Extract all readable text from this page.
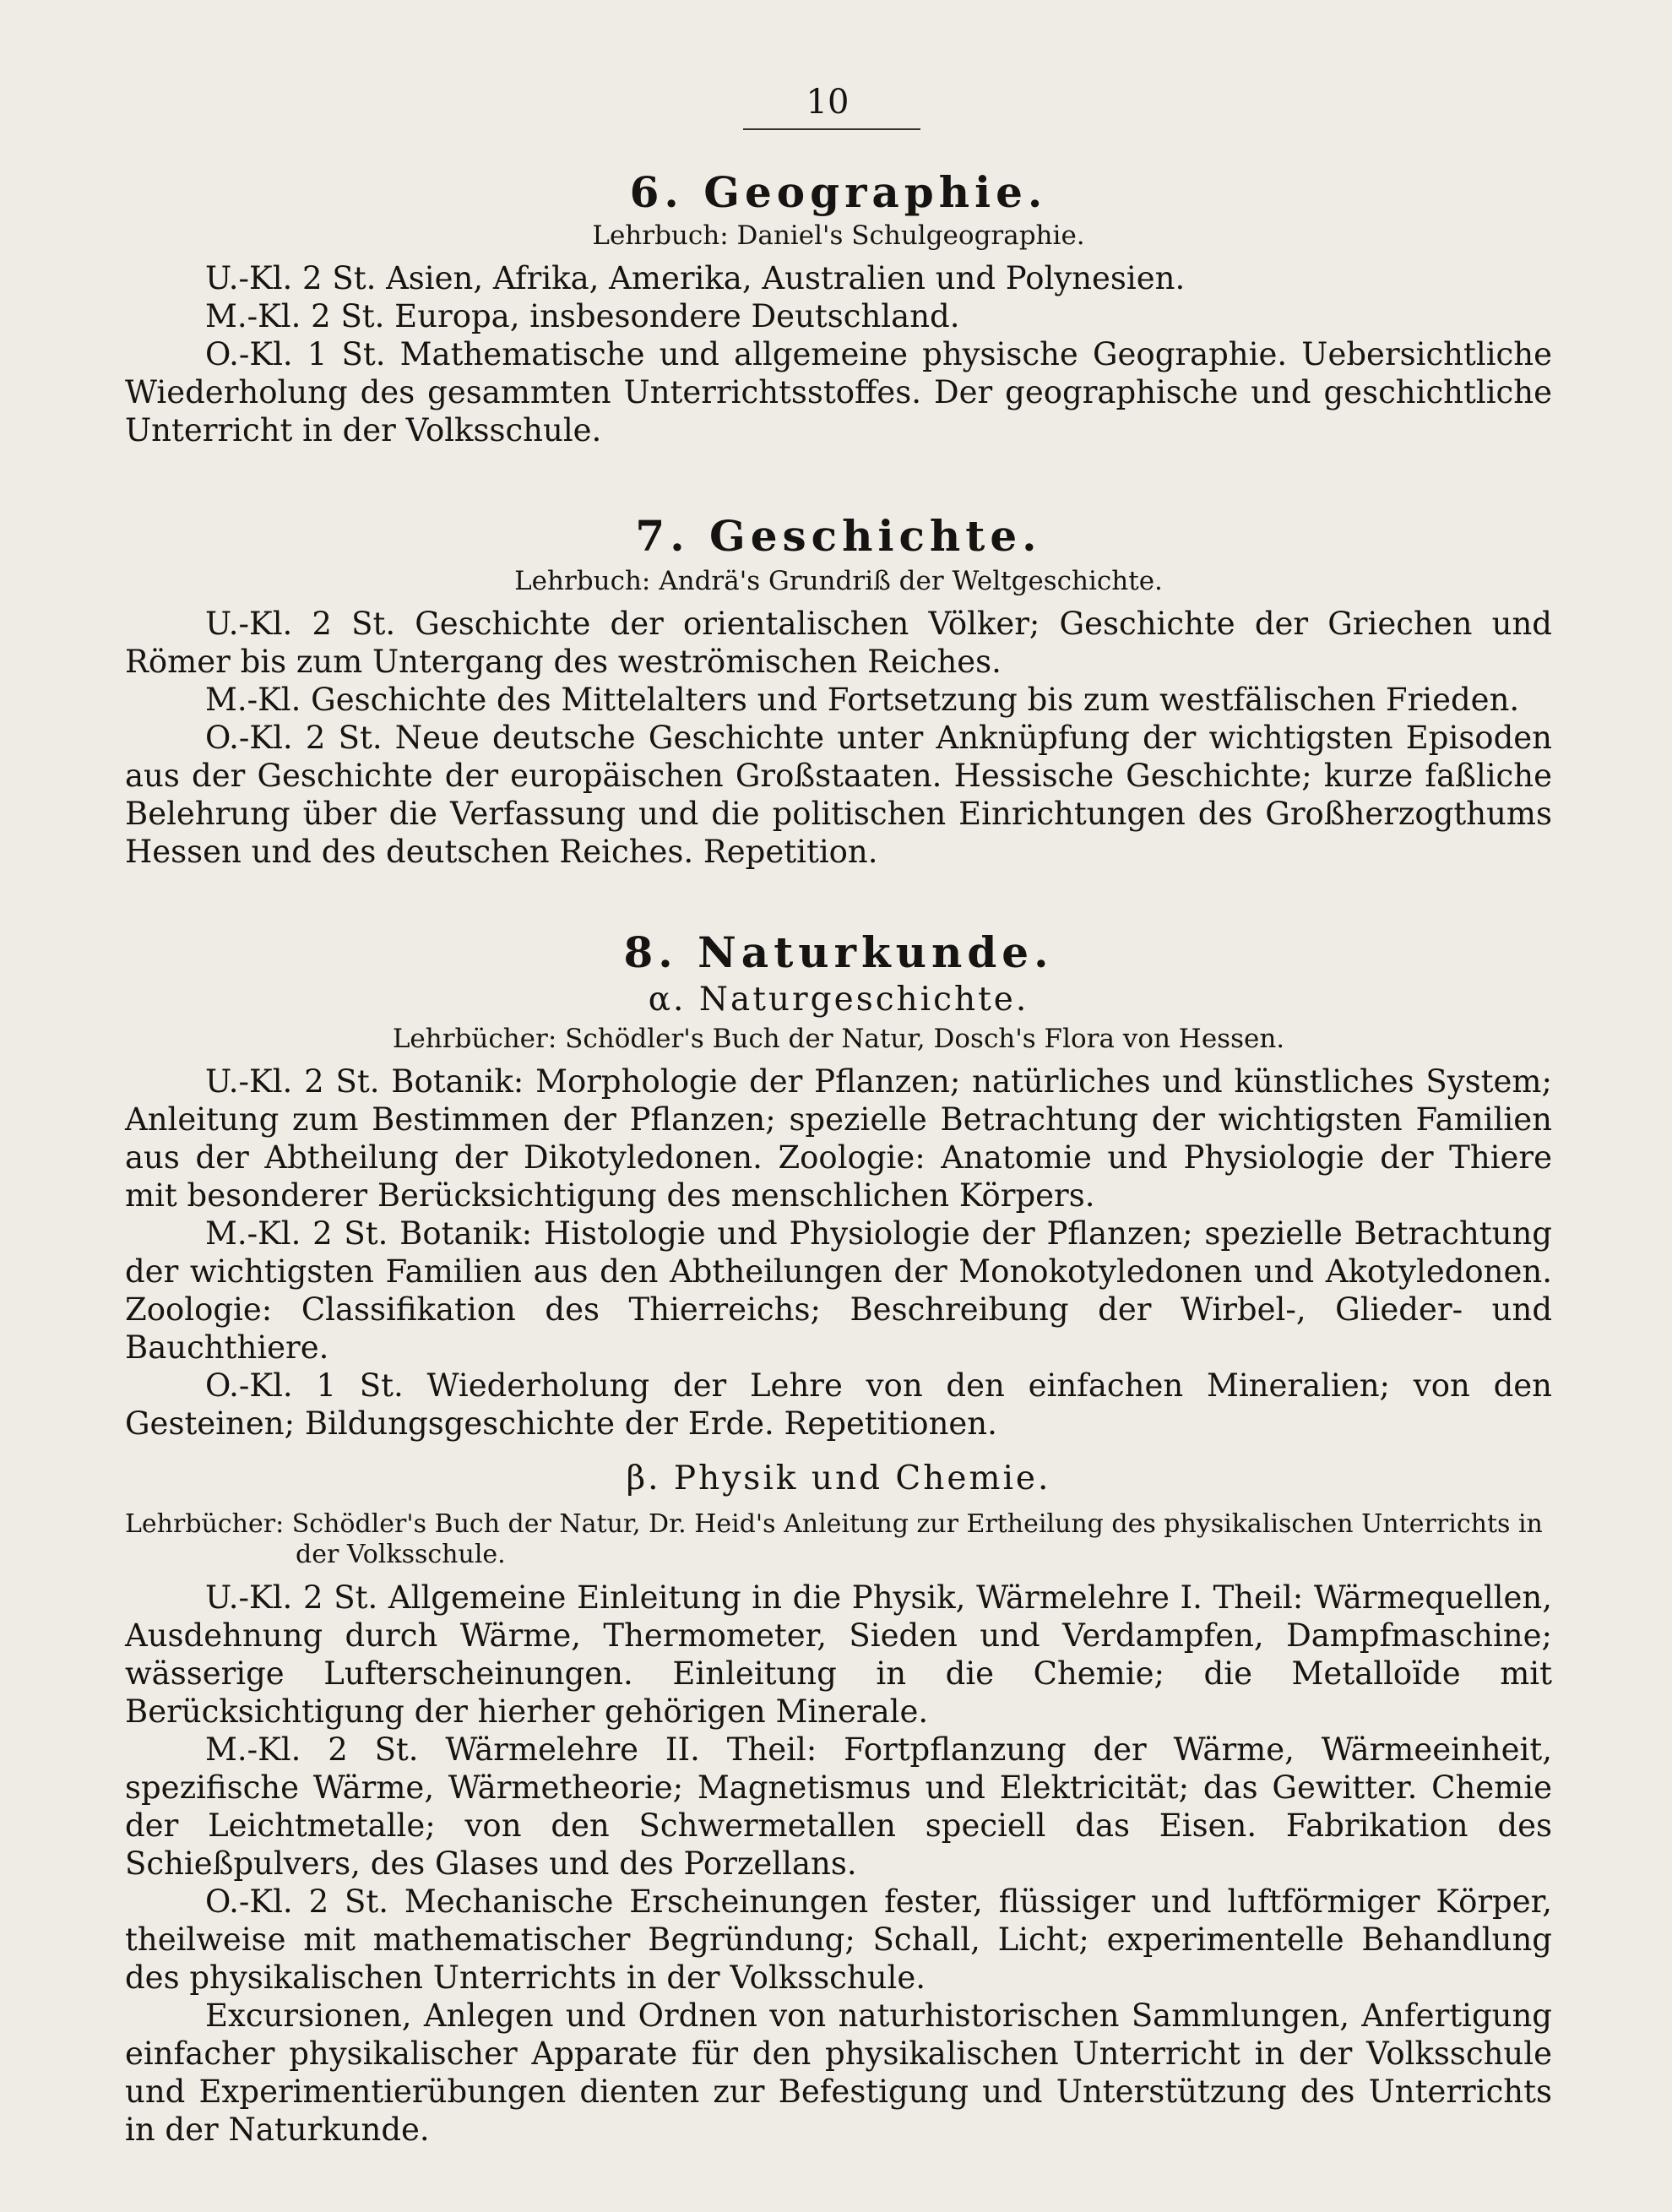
10
6. Geographie.
Lehrbuch: Daniel's Schulgeographie.

U.-Kl. 2 St. Asien, Afrika, Amerika, Australien und Polynesien.

M.-Kl. 2 St. Europa, insbesondere Deutschland.

O.-Kl. 1 St. Mathematische und allgemeine physische Geographie. Uebersichtliche Wiederholung des gesammten Unterrichtsstoffes. Der geographische und geschichtliche Unterricht in der Volksschule.

7. Geschichte.
Lehrbuch: Andrä's Grundriß der Weltgeschichte.

U.-Kl. 2 St. Geschichte der orientalischen Völker; Geschichte der Griechen und Römer bis zum Untergang des weströmischen Reiches.

M.-Kl. Geschichte des Mittelalters und Fortsetzung bis zum westfälischen Frieden.

O.-Kl. 2 St. Neue deutsche Geschichte unter Anknüpfung der wichtigsten Episoden aus der Geschichte der europäischen Großstaaten. Hessische Geschichte; kurze faßliche Belehrung über die Verfassung und die politischen Einrichtungen des Großherzogthums Hessen und des deutschen Reiches. Repetition.

8. Naturkunde.
α. Naturgeschichte.
Lehrbücher: Schödler's Buch der Natur, Dosch's Flora von Hessen.

U.-Kl. 2 St. Botanik: Morphologie der Pflanzen; natürliches und künstliches System; Anleitung zum Bestimmen der Pflanzen; spezielle Betrachtung der wichtigsten Familien aus der Abtheilung der Dikotyledonen. Zoologie: Anatomie und Physiologie der Thiere mit besonderer Berücksichtigung des menschlichen Körpers.

M.-Kl. 2 St. Botanik: Histologie und Physiologie der Pflanzen; spezielle Betrachtung der wichtigsten Familien aus den Abtheilungen der Monokotyledonen und Akotyledonen. Zoologie: Classifikation des Thierreichs; Beschreibung der Wirbel-, Glieder- und Bauchthiere.

O.-Kl. 1 St. Wiederholung der Lehre von den einfachen Mineralien; von den Gesteinen; Bildungsgeschichte der Erde. Repetitionen.

β. Physik und Chemie.
Lehrbücher: Schödler's Buch der Natur, Dr. Heid's Anleitung zur Ertheilung des physikalischen Unterrichts in der Volksschule.

U.-Kl. 2 St. Allgemeine Einleitung in die Physik, Wärmelehre I. Theil: Wärmequellen, Ausdehnung durch Wärme, Thermometer, Sieden und Verdampfen, Dampfmaschine; wässerige Lufterscheinungen. Einleitung in die Chemie; die Metalloïde mit Berücksichtigung der hierher gehörigen Minerale.

M.-Kl. 2 St. Wärmelehre II. Theil: Fortpflanzung der Wärme, Wärmeeinheit, spezifische Wärme, Wärmetheorie; Magnetismus und Elektricität; das Gewitter. Chemie der Leichtmetalle; von den Schwermetallen speciell das Eisen. Fabrikation des Schießpulvers, des Glases und des Porzellans.

O.-Kl. 2 St. Mechanische Erscheinungen fester, flüssiger und luftförmiger Körper, theilweise mit mathematischer Begründung; Schall, Licht; experimentelle Behandlung des physikalischen Unterrichts in der Volksschule.

Excursionen, Anlegen und Ordnen von naturhistorischen Sammlungen, Anfertigung einfacher physikalischer Apparate für den physikalischen Unterricht in der Volksschule und Experimentierübungen dienten zur Befestigung und Unterstützung des Unterrichts in der Naturkunde.
